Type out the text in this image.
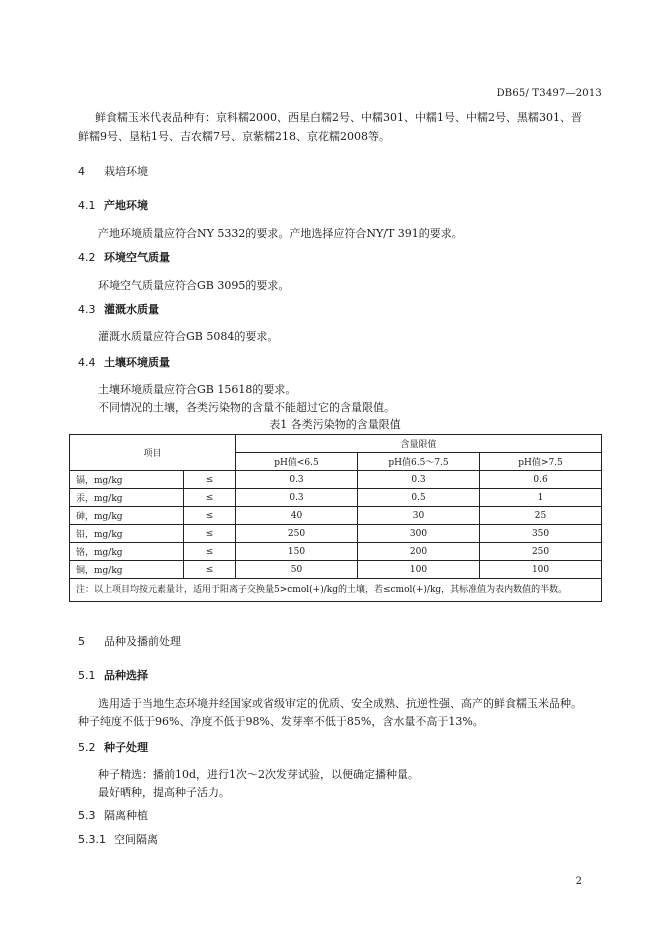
DB65/ T3497—2013
鲜食糯玉米代表品种有：京科糯2000、西星白糯2号、中糯301、中糯1号、中糯2号、黑糯301、晋
鲜糯9号、垦粘1号、吉农糯7号、京紫糯218、京花糯2008等。
4 栽培环境
4.1 产地环境
产地环境质量应符合NY 5332的要求。产地选择应符合NY/T 391的要求。
4.2 环境空气质量
环境空气质量应符合GB 3095的要求。
4.3 灌溉水质量
灌溉水质量应符合GB 5084的要求。
4.4 土壤环境质量
土壤环境质量应符合GB 15618的要求。
不同情况的土壤，各类污染物的含量不能超过它的含量限值。
表1 各类污染物的含量限值
项目		含量限值		
		pH值<6.5	pH值6.5～7.5	pH值>7.5
镉，mg/kg	≤	0.3	0.3	0.6
汞，mg/kg	≤	0.3	0.5	1
砷，mg/kg	≤	40	30	25
铅，mg/kg	≤	250	300	350
铬，mg/kg	≤	150	200	250
铜，mg/kg	≤	50	100	100
注：以上项目均按元素量计，适用于阳离子交换量5>cmol(+)/kg的土壤，若≤cmol(+)/kg，其标准值为表内数值的半数。				
5 品种及播前处理
5.1 品种选择
选用适于当地生态环境并经国家或省级审定的优质、安全成熟、抗逆性强、高产的鲜食糯玉米品种。
种子纯度不低于96%、净度不低于98%、发芽率不低于85%，含水量不高于13%。
5.2 种子处理
种子精选：播前10d，进行1次～2次发芽试验，以便确定播种量。
最好晒种，提高种子活力。
5.3 隔离种植
5.3.1 空间隔离
2
